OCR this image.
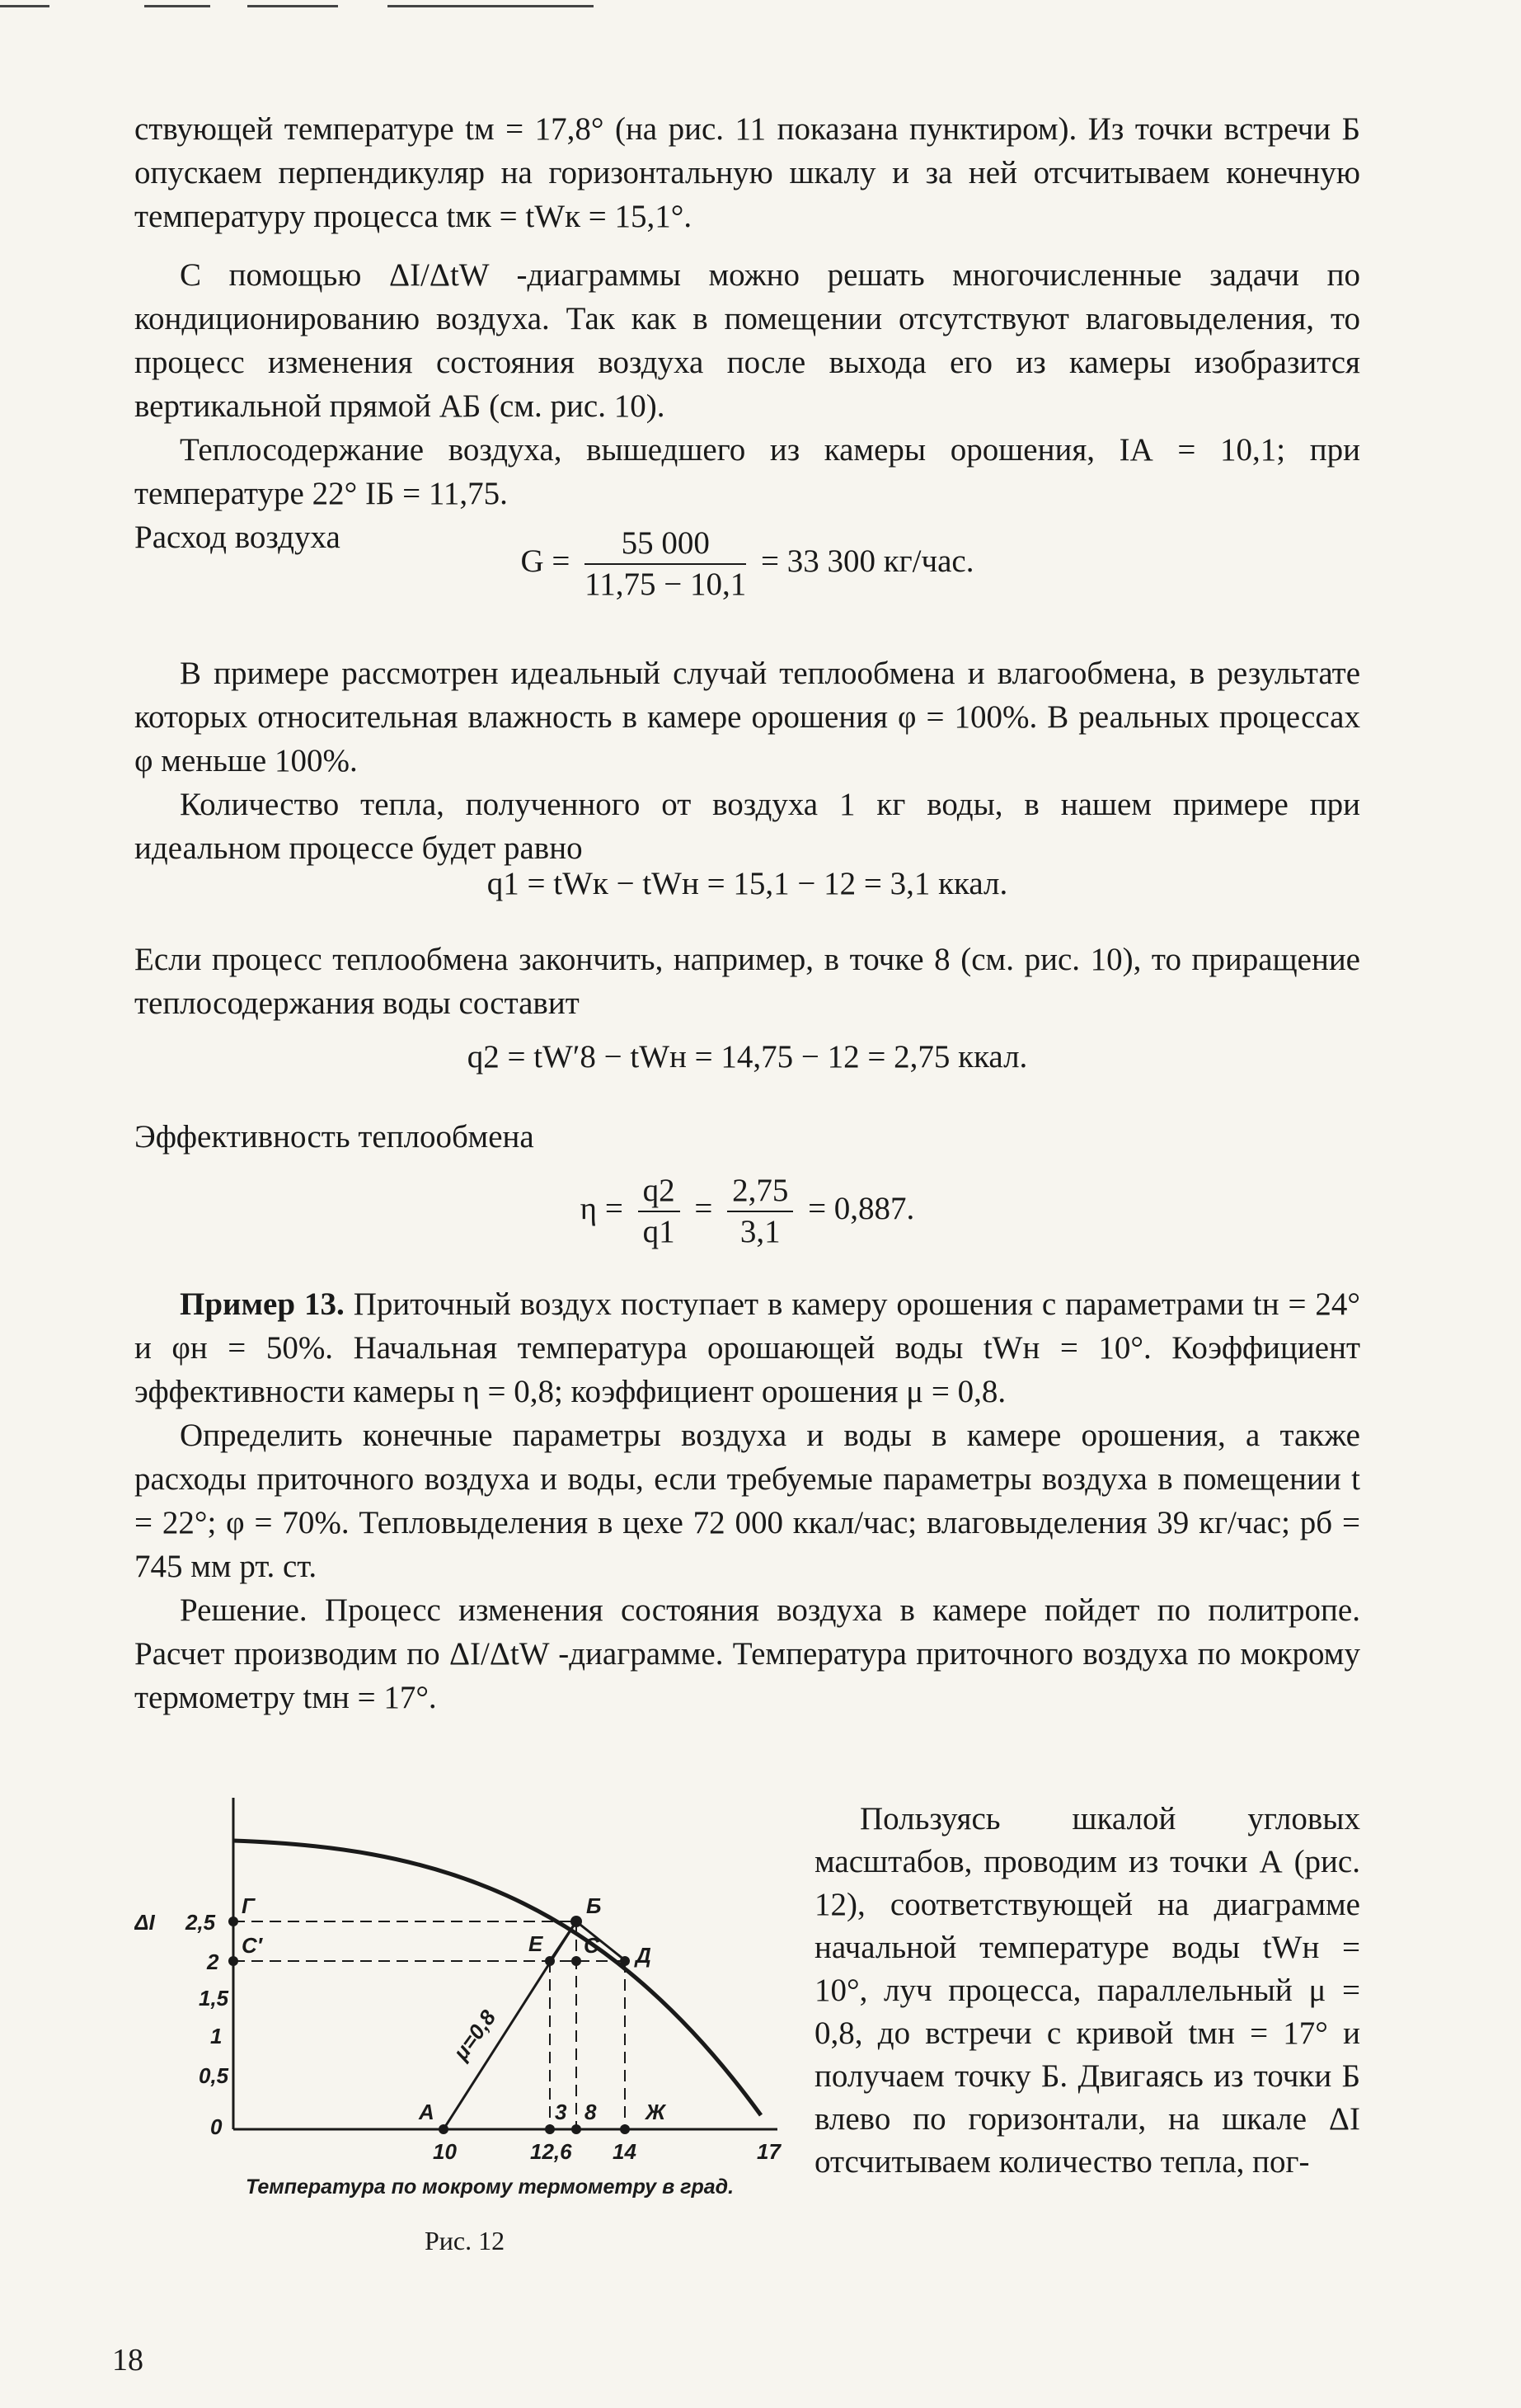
ствующей температуре tм = 17,8° (на рис. 11 показана пунктиром). Из точки встречи Б опускаем перпендикуляр на горизонтальную шкалу и за ней отсчитываем конечную температуру процесса tмк = tWк = 15,1°.

С помощью ΔI/ΔtW -диаграммы можно решать многочисленные задачи по кондиционированию воздуха. Так как в помещении отсутствуют влаговыделения, то процесс изменения состояния воздуха после выхода его из камеры изобразится вертикальной прямой АБ (см. рис. 10).

Теплосодержание воздуха, вышедшего из камеры орошения, IА = 10,1; при температуре 22° IБ = 11,75.

Расход воздуха

$G = \frac{55 000}{11,75 - 10,1} = 33$ 300 кг/час.

В примере рассмотрен идеальный случай теплообмена и влагообмена, в результате которых относительная влажность в камере орошения φ = 100%. В реальных процессах φ меньше 100%.

Количество тепла, полученного от воздуха 1 кг воды, в нашем примере при идеальном процессе будет равно

q1 = tWк − tWн = 15,1 − 12 = 3,1 ккал.

Если процесс теплообмена закончить, например, в точке 8 (см. рис. 10), то приращение теплосодержания воды составит

q2 = tW′8 − tWн = 14,75 − 12 = 2,75 ккал.

Эффективность теплообмена

$\eta = \frac{q2}{q1} = \frac{2,75}{3,1} = 0,887$.

Пример 13. Приточный воздух поступает в камеру орошения с параметрами tн = 24° и φн = 50%. Начальная температура орошающей воды tWн = 10°. Коэффициент эффективности камеры η = 0,8; коэффициент орошения μ = 0,8.

Определить конечные параметры воздуха и воды в камере орошения, а также расходы приточного воздуха и воды, если требуемые параметры воздуха в помещении t = 22°; φ = 70%. Тепловыделения в цехе 72 000 ккал/час; влаговыделения 39 кг/час; pб = 745 мм рт. ст.

Решение. Процесс изменения состояния воздуха в камере пойдет по политропе. Расчет производим по ΔI/ΔtW -диаграмме. Температура приточного воздуха по мокрому термометру tмн = 17°.

ΔI 2,5
2
1,5
1
0,5
0
10	12,6 14	17
Г	Б
С′	Е С Д
А	3 8 Ж
μ=0,8
Температура по мокрому термометру в град.
Рис. 12

Пользуясь шкалой угловых масштабов, проводим из точки А (рис. 12), соответствующей на диаграмме начальной температуре воды tWн = 10°, луч процесса, параллельный μ = 0,8, до встречи с кривой tмн = 17° и получаем точку Б. Двигаясь из точки Б влево по горизонтали, на шкале ΔI отсчитываем количество тепла, пог-

18
